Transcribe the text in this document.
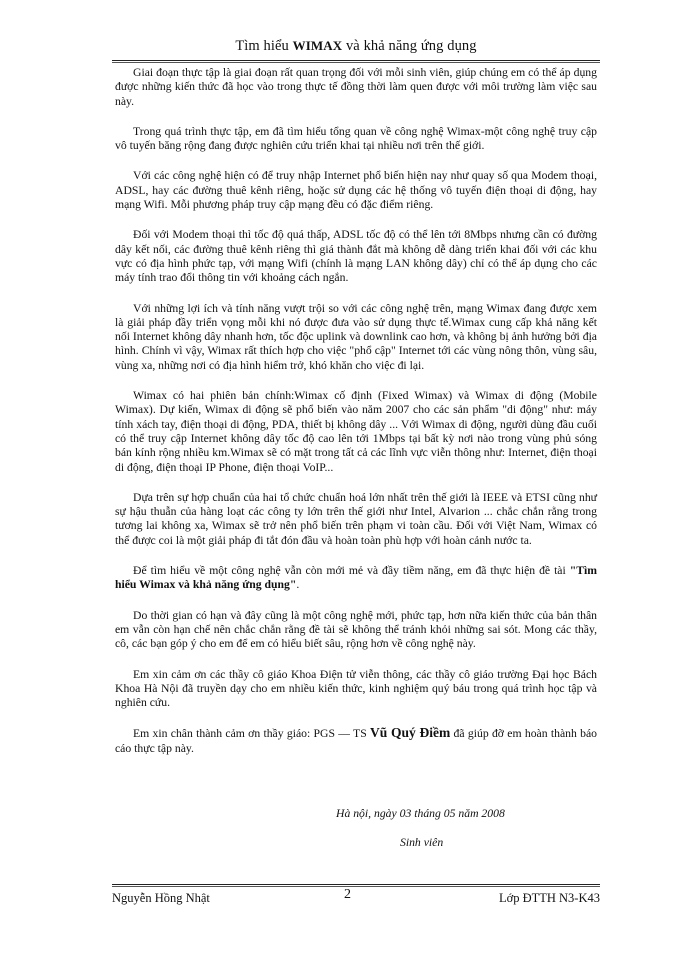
Tìm hiểu WIMAX và khả năng ứng dụng

Giai đoạn thực tập là giai đoạn rất quan trọng đối với mỗi sinh viên, giúp chúng em có thể áp dụng được những kiến thức đã học vào trong thực tế đồng thời làm quen được với môi trường làm việc sau này.

Trong quá trình thực tập, em đã tìm hiểu tổng quan về công nghệ Wimax-một công nghệ truy cập vô tuyến băng rộng đang được nghiên cứu triển khai tại nhiều nơi trên thế giới.

Với các công nghệ hiện có để truy nhập Internet phổ biến hiện nay như quay số qua Modem thoại, ADSL, hay các đường thuê kênh riêng, hoặc sử dụng các hệ thống vô tuyến điện thoại di động, hay mạng Wifi. Mỗi phương pháp truy cập mạng đều có đặc điểm riêng.

Đối với Modem thoại thì tốc độ quá thấp, ADSL tốc độ có thể lên tới 8Mbps nhưng cần có đường dây kết nối, các đường thuê kênh riêng thì giá thành đắt mà không dễ dàng triển khai đối với các khu vực có địa hình phức tạp, với mạng Wifi (chính là mạng LAN không dây) chỉ có thể áp dụng cho các máy tính trao đổi thông tin với khoảng cách ngắn.

Với những lợi ích và tính năng vượt trội so với các công nghệ trên, mạng Wimax đang được xem là giải pháp đầy triển vọng mỗi khi nó được đưa vào sử dụng thực tế.Wimax cung cấp khả năng kết nối Internet không dây nhanh hơn, tốc độc uplink và downlink cao hơn, và không bị ảnh hưởng bởi địa hình. Chính vì vậy, Wimax rất thích hợp cho việc "phổ cập" Internet tới các vùng nông thôn, vùng sâu, vùng xa, những nơi có địa hình hiểm trở, khó khăn cho việc đi lại.

Wimax có hai phiên bản chính:Wimax cố định (Fixed Wimax) và Wimax di động (Mobile Wimax). Dự kiến, Wimax di động sẽ phổ biến vào năm 2007 cho các sản phẩm "di động" như: máy tính xách tay, điện thoại di động, PDA, thiết bị không dây ... Với Wimax di động, người dùng đầu cuối có thể truy cập Internet không dây tốc độ cao lên tới 1Mbps tại bất kỳ nơi nào trong vùng phủ sóng bán kính rộng nhiều km.Wimax sẽ có mặt trong tất cả các lĩnh vực viễn thông như: Internet, điện thoại di động, điện thoại IP Phone, điện thoại VoIP...

Dựa trên sự hợp chuẩn của hai tổ chức chuẩn hoá lớn nhất trên thế giới là IEEE và ETSI cũng như sự hậu thuẫn của hàng loạt các công ty lớn trên thế giới như Intel, Alvarion ... chắc chắn rằng trong tương lai không xa, Wimax sẽ trở nên phổ biến trên phạm vi toàn cầu. Đối với Việt Nam, Wimax có thể được coi là một giải pháp đi tắt đón đầu và hoàn toàn phù hợp với hoàn cảnh nước ta.

Để tìm hiểu về một công nghệ vẫn còn mới mẻ và đầy tiềm năng, em đã thực hiện đề tài "Tìm hiểu Wimax và khả năng ứng dụng".

Do thời gian có hạn và đây cũng là một công nghệ mới, phức tạp, hơn nữa kiến thức của bản thân em vẫn còn hạn chế nên chắc chắn rằng đề tài sẽ không thể tránh khỏi những sai sót. Mong các thầy, cô, các bạn góp ý cho em để em có hiểu biết sâu, rộng hơn về công nghệ này.

Em xin cảm ơn các thầy cô giáo Khoa Điện tử viễn thông, các thầy cô giáo trường Đại học Bách Khoa Hà Nội đã truyền dạy cho em nhiều kiến thức, kinh nghiệm quý báu trong quá trình học tập và nghiên cứu.

Em xin chân thành cảm ơn thầy giáo: PGS — TS Vũ Quý Điềm đã giúp đỡ em hoàn thành báo cáo thực tập này.

Hà nội, ngày 03 tháng 05 năm 2008
Sinh viên
Nguyễn Hồng Nhật	2	Lớp ĐTTH N3-K43
